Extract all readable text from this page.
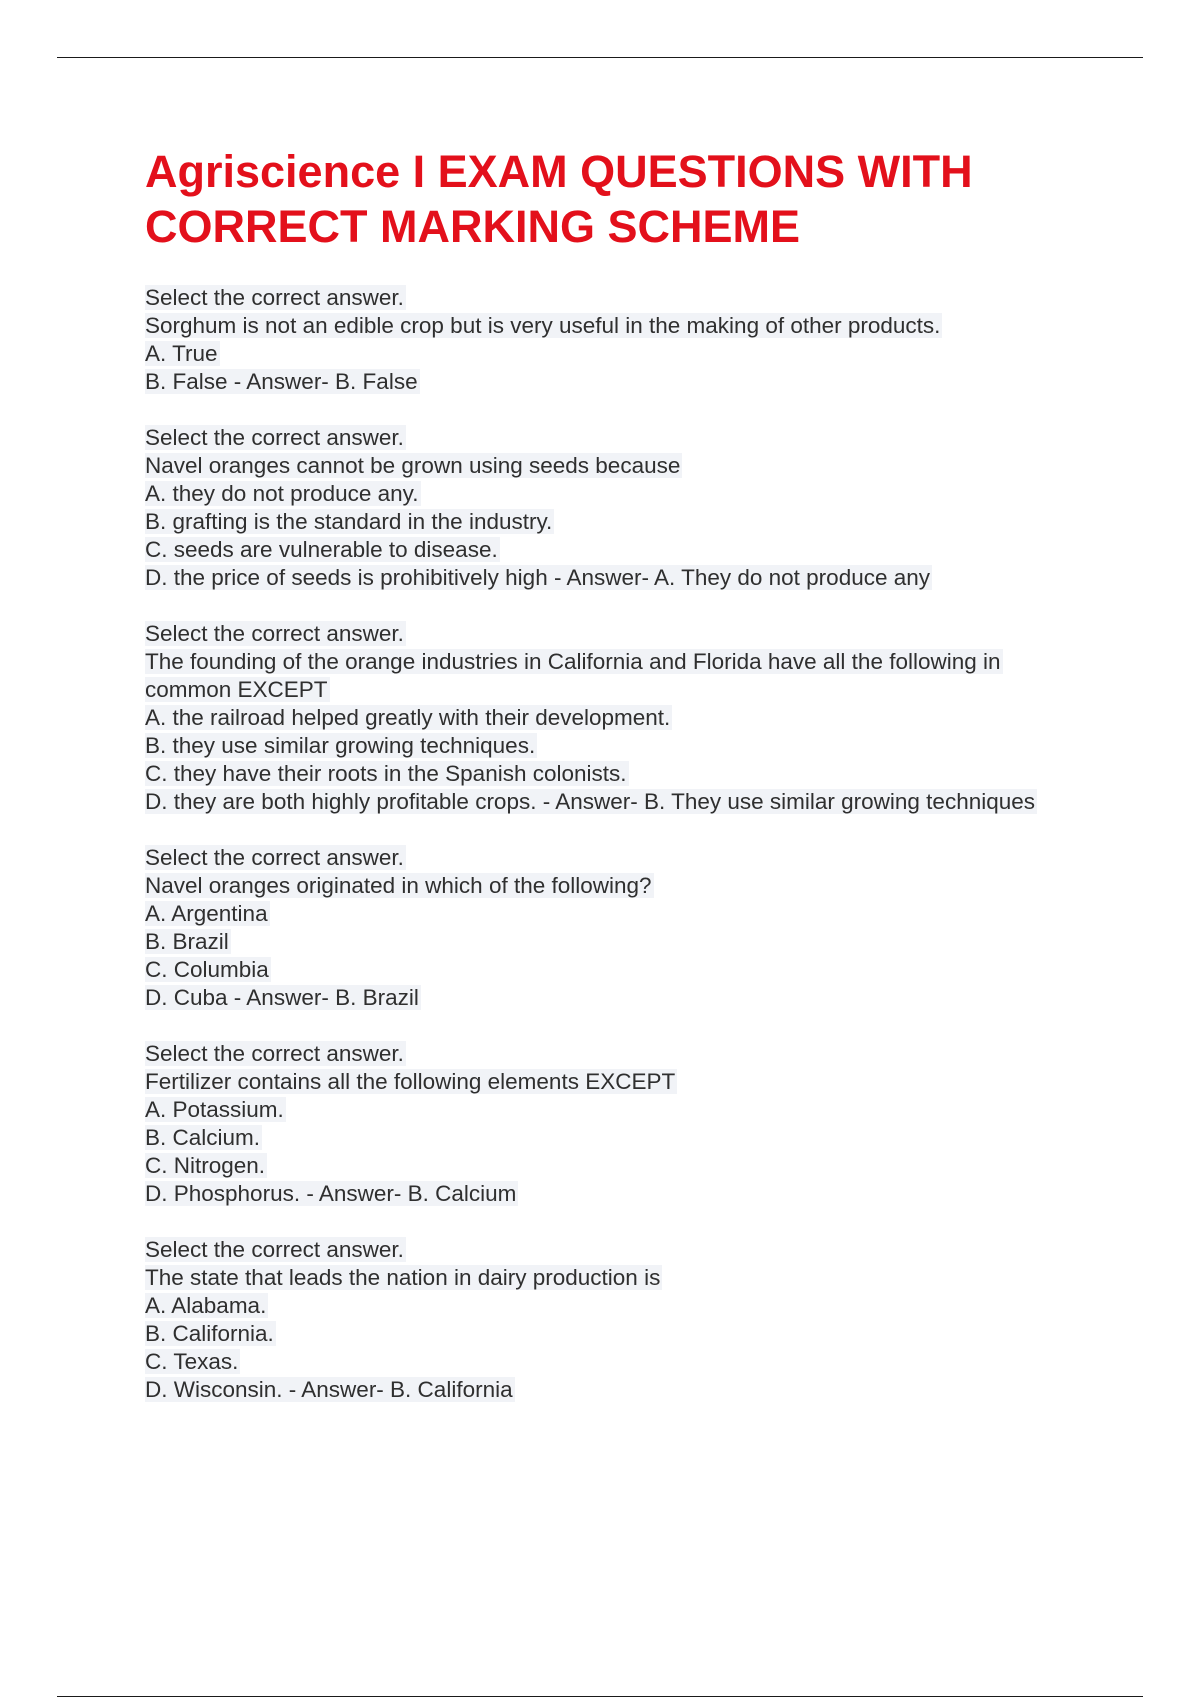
Agriscience I EXAM QUESTIONS WITH CORRECT MARKING SCHEME
Select the correct answer.
Sorghum is not an edible crop but is very useful in the making of other products.
A. True
B. False - Answer- B. False
Select the correct answer.
Navel oranges cannot be grown using seeds because
A. they do not produce any.
B. grafting is the standard in the industry.
C. seeds are vulnerable to disease.
D. the price of seeds is prohibitively high - Answer- A. They do not produce any
Select the correct answer.
The founding of the orange industries in California and Florida have all the following in common EXCEPT
A. the railroad helped greatly with their development.
B. they use similar growing techniques.
C. they have their roots in the Spanish colonists.
D. they are both highly profitable crops. - Answer- B. They use similar growing techniques
Select the correct answer.
Navel oranges originated in which of the following?
A. Argentina
B. Brazil
C. Columbia
D. Cuba - Answer- B. Brazil
Select the correct answer.
Fertilizer contains all the following elements EXCEPT
A. Potassium.
B. Calcium.
C. Nitrogen.
D. Phosphorus. - Answer- B. Calcium
Select the correct answer.
The state that leads the nation in dairy production is
A. Alabama.
B. California.
C. Texas.
D. Wisconsin. - Answer- B. California
